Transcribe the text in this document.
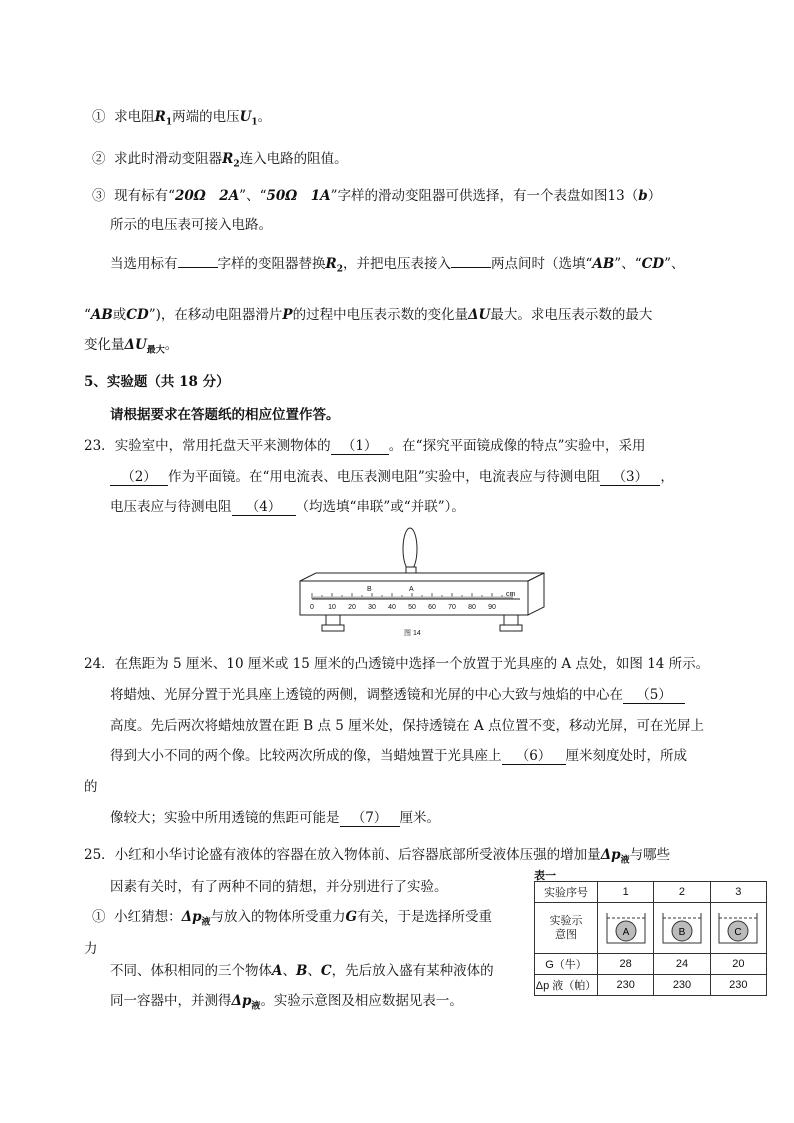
① 求电阻$R_1$两端的电压$U_1$。
② 求此时滑动变阻器$R_2$连入电路的阻值。
③ 现有标有“20Ω　2A”、“50Ω　1A”字样的滑动变阻器可供选择，有一个表盘如图13（b）
所示的电压表可接入电路。
当选用标有	字样的变阻器替换$R_2$，并把电压表接入	两点间时（选填“AB”、“CD”、
“AB或CD”)，在移动电阻器滑片P的过程中电压表示数的变化量ΔU最大。求电压表示数的最大
变化量$\Delta U_{最大}$。
5、实验题（共 18 分）
请根据要求在答题纸的相应位置作答。
23．实验室中，常用托盘天平来测物体的 （1） 。在“探究平面镜成像的特点”实验中，采用
（2） 作为平面镜。在“用电流表、电压表测电阻”实验中，电流表应与待测电阻 （3） ，
电压表应与待测电阻 （4） （均选填“串联”或“并联”）。
0 10 20 30 40 50 60 70 80 90
cm
B	A
图 14
24．在焦距为 5 厘米、10 厘米或 15 厘米的凸透镜中选择一个放置于光具座的 A 点处，如图 14 所示。
将蜡烛、光屏分置于光具座上透镜的两侧，调整透镜和光屏的中心大致与烛焰的中心在 （5）
高度。先后两次将蜡烛放置在距 B 点 5 厘米处，保持透镜在 A 点位置不变，移动光屏，可在光屏上
得到大小不同的两个像。比较两次所成的像，当蜡烛置于光具座上 （6） 厘米刻度处时，所成
的
像较大；实验中所用透镜的焦距可能是 （7） 厘米。
25．小红和小华讨论盛有液体的容器在放入物体前、后容器底部所受液体压强的增加量$\Delta p_液$与哪些
因素有关时，有了两种不同的猜想，并分别进行了实验。
① 小红猜想：$\Delta p_液$与放入的物体所受重力G有关，于是选择所受重
力
不同、体积相同的三个物体A、B、C，先后放入盛有某种液体的
同一容器中，并测得$\Delta p_液$。实验示意图及相应数据见表一。
表一
实验序号	1	2	3
实验示意图	A	B	C

G（牛）	28	24	20
Δp 液（帕）	230	230	230
